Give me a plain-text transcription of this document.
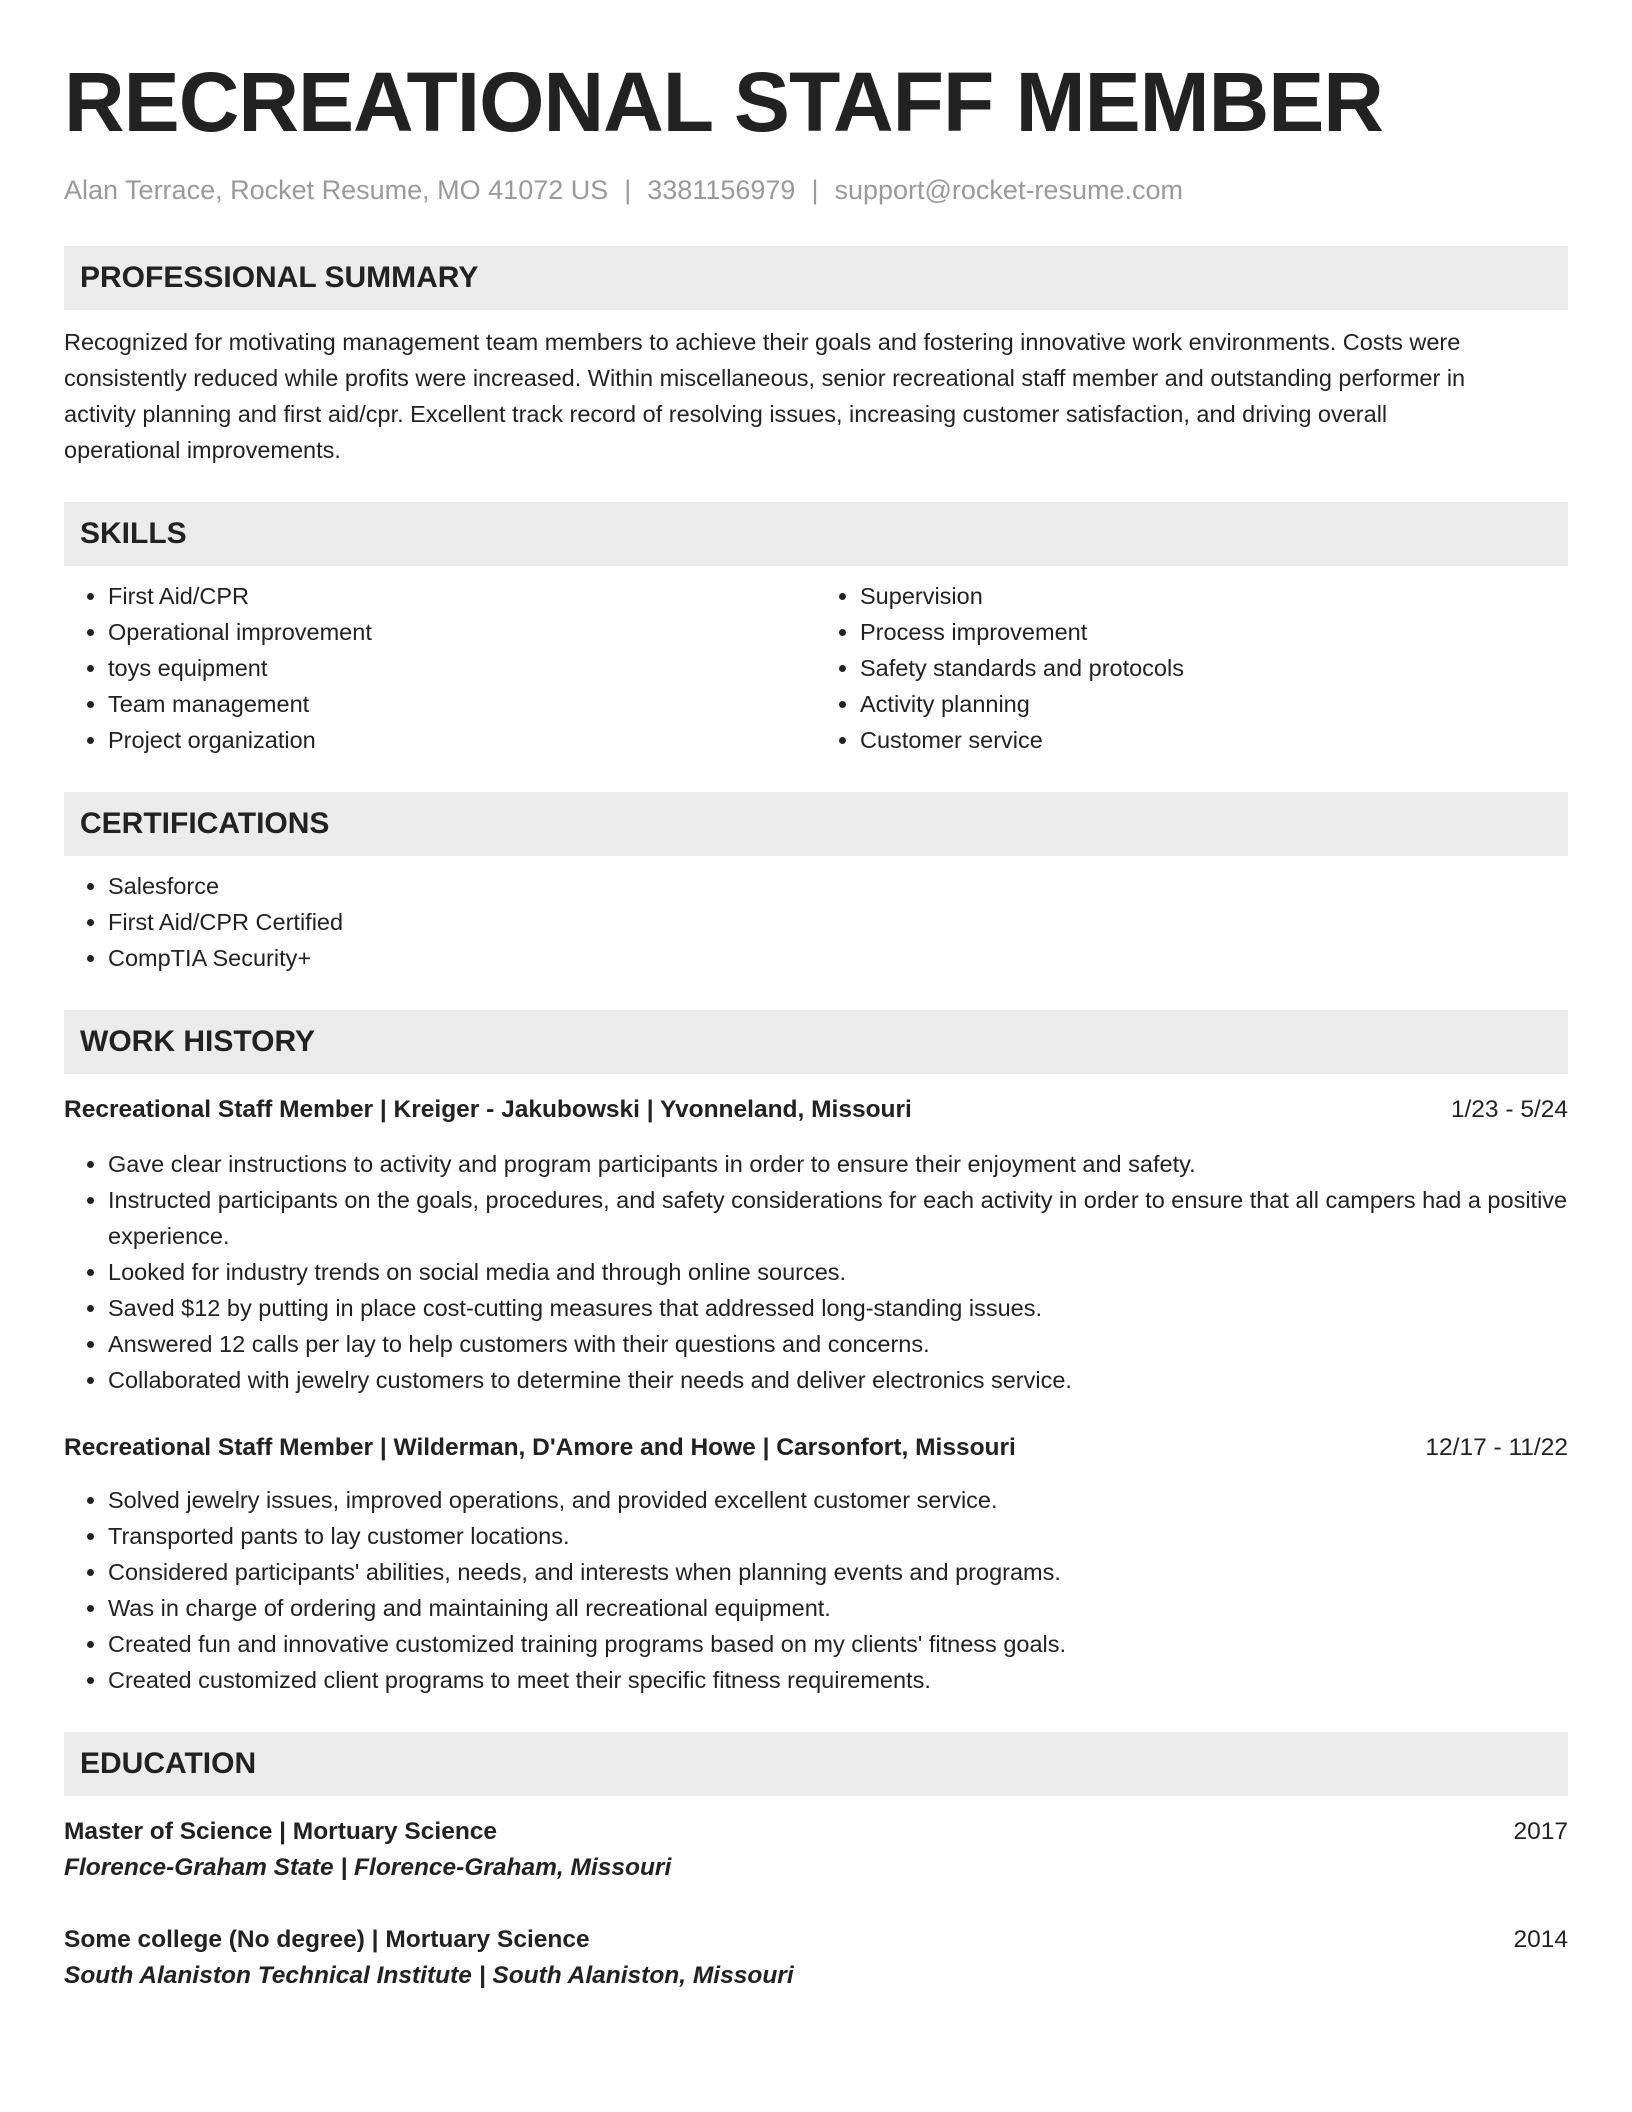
RECREATIONAL STAFF MEMBER
Alan Terrace, Rocket Resume, MO 41072 US | 3381156979 | support@rocket-resume.com
PROFESSIONAL SUMMARY
Recognized for motivating management team members to achieve their goals and fostering innovative work environments. Costs were
consistently reduced while profits were increased. Within miscellaneous, senior recreational staff member and outstanding performer in
activity planning and first aid/cpr. Excellent track record of resolving issues, increasing customer satisfaction, and driving overall
operational improvements.
SKILLS
• First Aid/CPR
• Operational improvement
• toys equipment
• Team management
• Project organization
• Supervision
• Process improvement
• Safety standards and protocols
• Activity planning
• Customer service
CERTIFICATIONS
• Salesforce
• First Aid/CPR Certified
• CompTIA Security+
WORK HISTORY
Recreational Staff Member | Kreiger - Jakubowski | Yvonneland, Missouri	1/23 - 5/24
• Gave clear instructions to activity and program participants in order to ensure their enjoyment and safety.
• Instructed participants on the goals, procedures, and safety considerations for each activity in order to ensure that all campers had a positive experience.
• Looked for industry trends on social media and through online sources.
• Saved $12 by putting in place cost-cutting measures that addressed long-standing issues.
• Answered 12 calls per lay to help customers with their questions and concerns.
• Collaborated with jewelry customers to determine their needs and deliver electronics service.
Recreational Staff Member | Wilderman, D'Amore and Howe | Carsonfort, Missouri	12/17 - 11/22
• Solved jewelry issues, improved operations, and provided excellent customer service.
• Transported pants to lay customer locations.
• Considered participants' abilities, needs, and interests when planning events and programs.
• Was in charge of ordering and maintaining all recreational equipment.
• Created fun and innovative customized training programs based on my clients' fitness goals.
• Created customized client programs to meet their specific fitness requirements.
EDUCATION
Master of Science | Mortuary Science	2017
Florence-Graham State | Florence-Graham, Missouri
Some college (No degree) | Mortuary Science	2014
South Alaniston Technical Institute | South Alaniston, Missouri
